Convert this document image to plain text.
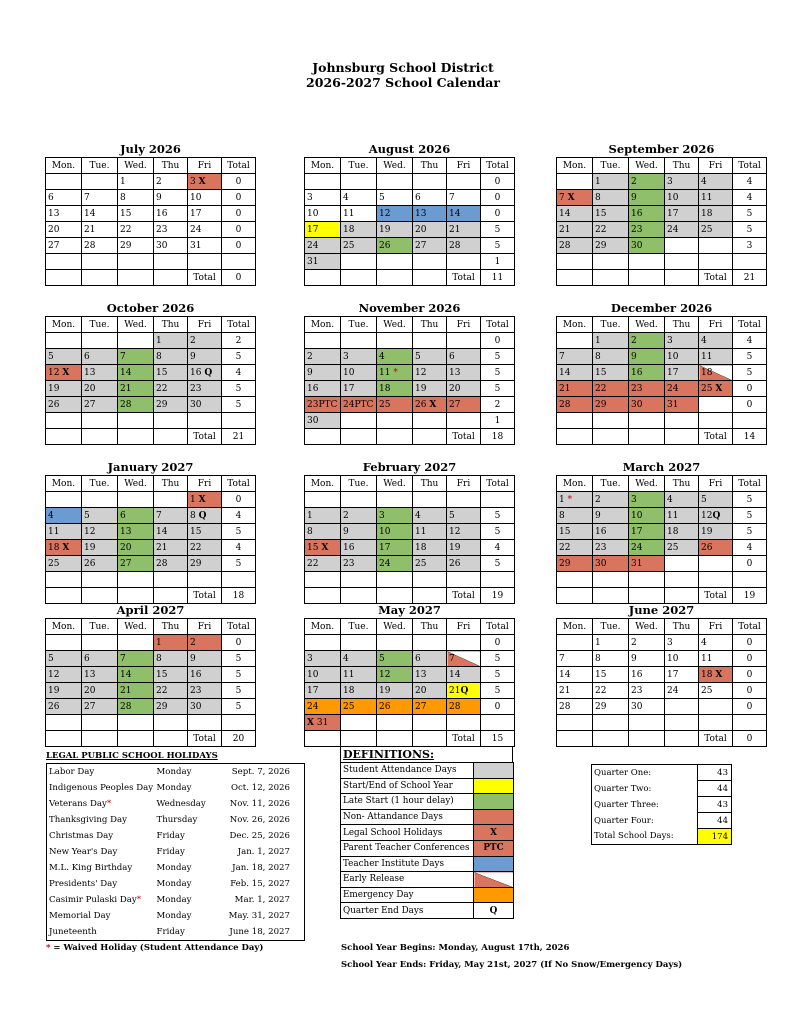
Johnsburg School District
2026-2027 School Calendar
July 2026
Mon.	Tue.	Wed.	Thu	Fri	Total
		1	2	3 X	0
6	7	8	9	10	0
13	14	15	16	17	0
20	21	22	23	24	0
27	28	29	30	31	0

				Total	0
August 2026
Mon.	Tue.	Wed.	Thu	Fri	Total
					0
3	4	5	6	7	0
10	11	12	13	14	0
17	18	19	20	21	5
24	25	26	27	28	5
31					1
				Total	11
September 2026
Mon.	Tue.	Wed.	Thu	Fri	Total
	1	2	3	4	4
7 X	8	9	10	11	4
14	15	16	17	18	5
21	22	23	24	25	5
28	29	30			3

				Total	21
October 2026
Mon.	Tue.	Wed.	Thu	Fri	Total
			1	2	2
5	6	7	8	9	5
12 X	13	14	15	16 Q	4
19	20	21	22	23	5
26	27	28	29	30	5

				Total	21
November 2026
Mon.	Tue.	Wed.	Thu	Fri	Total
					0
2	3	4	5	6	5
9	10	11 *	12	13	5
16	17	18	19	20	5
23PTC	24PTC	25	26 X	27	2
30					1
				Total	18
December 2026
Mon.	Tue.	Wed.	Thu	Fri	Total
	1	2	3	4	4
7	8	9	10	11	5
14	15	16	17	18	5
21	22	23	24	25 X	0
28	29	30	31		0

				Total	14
January 2027
Mon.	Tue.	Wed.	Thu	Fri	Total
				1 X	0
4	5	6	7	8 Q	4
11	12	13	14	15	5
18 X	19	20	21	22	4
25	26	27	28	29	5

				Total	18
February 2027
Mon.	Tue.	Wed.	Thu	Fri	Total

1	2	3	4	5	5
8	9	10	11	12	5
15 X	16	17	18	19	4
22	23	24	25	26	5

				Total	19
March 2027
Mon.	Tue.	Wed.	Thu	Fri	Total
1 *	2	3	4	5	5
8	9	10	11	12Q	5
15	16	17	18	19	5
22	23	24	25	26	4
29	30	31			0

				Total	19
April 2027
Mon.	Tue.	Wed.	Thu	Fri	Total
			1	2	0
5	6	7	8	9	5
12	13	14	15	16	5
19	20	21	22	23	5
26	27	28	29	30	5

				Total	20
May 2027
Mon.	Tue.	Wed.	Thu	Fri	Total
					0
3	4	5	6	7	5
10	11	12	13	14	5
17	18	19	20	21Q	5
24	25	26	27	28	0
X 31					
				Total	15
June 2027
Mon.	Tue.	Wed.	Thu	Fri	Total
	1	2	3	4	0
7	8	9	10	11	0
14	15	16	17	18 X	0
21	22	23	24	25	0
28	29	30			0

				Total	0
LEGAL PUBLIC SCHOOL HOLIDAYS
Labor Day	Monday	Sept. 7, 2026
Indigenous Peoples Day	Monday	Oct. 12, 2026
Veterans Day*	Wednesday	Nov. 11, 2026
Thanksgiving Day	Thursday	Nov. 26, 2026
Christmas Day	Friday	Dec. 25, 2026
New Year's Day	Friday	Jan. 1, 2027
M.L. King Birthday	Monday	Jan. 18, 2027
Presidents' Day	Monday	Feb. 15, 2027
Casimir Pulaski Day*	Monday	Mar. 1, 2027
Memorial Day	Monday	May. 31, 2027
Juneteenth	Friday	June 18, 2027
* = Waived Holiday (Student Attendance Day)
DEFINITIONS:
Student Attendance Days	
Start/End of School Year	
Late Start (1 hour delay)	
Non- Attandance Days	
Legal School Holidays	X
Parent Teacher Conferences	PTC
Teacher Institute Days	
Early Release	
Emergency Day	
Quarter End Days	Q
Quarter One:	43
Quarter Two:	44
Quarter Three:	43
Quarter Four:	44
Total School Days:	174
School Year Begins: Monday, August 17th, 2026
School Year Ends: Friday, May 21st, 2027 (If No Snow/Emergency Days)
